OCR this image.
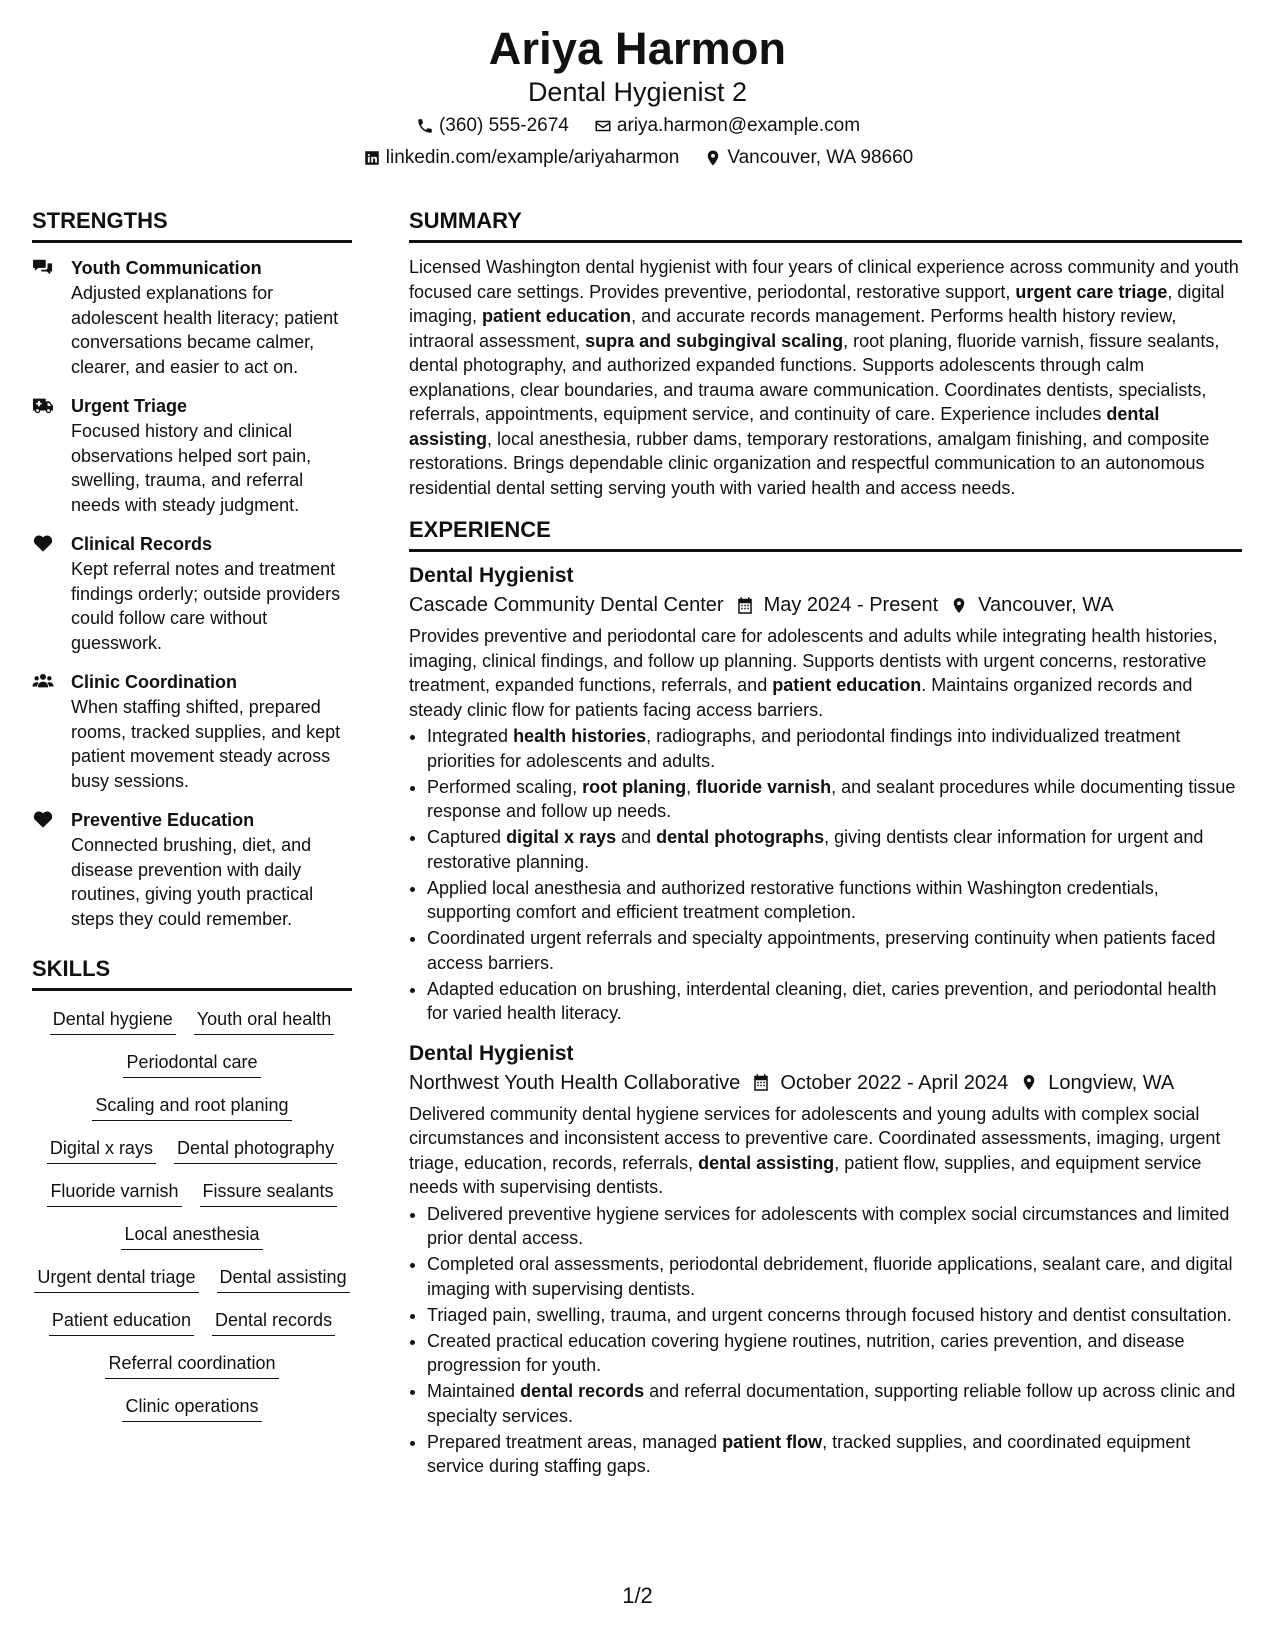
Ariya Harmon
Dental Hygienist 2
(360) 555-2674	ariya.harmon@example.com
linkedin.com/example/ariyaharmon	Vancouver, WA 98660
STRENGTHS
Youth Communication
Adjusted explanations for adolescent health literacy; patient conversations became calmer, clearer, and easier to act on.
Urgent Triage
Focused history and clinical observations helped sort pain, swelling, trauma, and referral needs with steady judgment.
Clinical Records
Kept referral notes and treatment findings orderly; outside providers could follow care without guesswork.
Clinic Coordination
When staffing shifted, prepared rooms, tracked supplies, and kept patient movement steady across busy sessions.
Preventive Education
Connected brushing, diet, and disease prevention with daily routines, giving youth practical steps they could remember.
SKILLS
Dental hygiene Youth oral health
Periodontal care
Scaling and root planing
Digital x rays Dental photography
Fluoride varnish Fissure sealants
Local anesthesia
Urgent dental triage Dental assisting
Patient education Dental records
Referral coordination
Clinic operations
SUMMARY

Licensed Washington dental hygienist with four years of clinical experience across community and youth focused care settings. Provides preventive, periodontal, restorative support, urgent care triage, digital imaging, patient education, and accurate records management. Performs health history review, intraoral assessment, supra and subgingival scaling, root planing, fluoride varnish, fissure sealants, dental photography, and authorized expanded functions. Supports adolescents through calm explanations, clear boundaries, and trauma aware communication. Coordinates dentists, specialists, referrals, appointments, equipment service, and continuity of care. Experience includes dental assisting, local anesthesia, rubber dams, temporary restorations, amalgam finishing, and composite restorations. Brings dependable clinic organization and respectful communication to an autonomous residential dental setting serving youth with varied health and access needs.

EXPERIENCE
Dental Hygienist
Cascade Community Dental Center May 2024 - Present Vancouver, WA

Provides preventive and periodontal care for adolescents and adults while integrating health histories, imaging, clinical findings, and follow up planning. Supports dentists with urgent concerns, restorative treatment, expanded functions, referrals, and patient education. Maintains organized records and steady clinic flow for patients facing access barriers.

• Integrated health histories, radiographs, and periodontal findings into individualized treatment priorities for adolescents and adults.
• Performed scaling, root planing, fluoride varnish, and sealant procedures while documenting tissue response and follow up needs.
• Captured digital x rays and dental photographs, giving dentists clear information for urgent and restorative planning.
• Applied local anesthesia and authorized restorative functions within Washington credentials, supporting comfort and efficient treatment completion.
• Coordinated urgent referrals and specialty appointments, preserving continuity when patients faced access barriers.
• Adapted education on brushing, interdental cleaning, diet, caries prevention, and periodontal health for varied health literacy.
Dental Hygienist
Northwest Youth Health Collaborative October 2022 - April 2024 Longview, WA

Delivered community dental hygiene services for adolescents and young adults with complex social circumstances and inconsistent access to preventive care. Coordinated assessments, imaging, urgent triage, education, records, referrals, dental assisting, patient flow, supplies, and equipment service needs with supervising dentists.

• Delivered preventive hygiene services for adolescents with complex social circumstances and limited prior dental access.
• Completed oral assessments, periodontal debridement, fluoride applications, sealant care, and digital imaging with supervising dentists.
• Triaged pain, swelling, trauma, and urgent concerns through focused history and dentist consultation.
• Created practical education covering hygiene routines, nutrition, caries prevention, and disease progression for youth.
• Maintained dental records and referral documentation, supporting reliable follow up across clinic and specialty services.
• Prepared treatment areas, managed patient flow, tracked supplies, and coordinated equipment service during staffing gaps.
1/2
